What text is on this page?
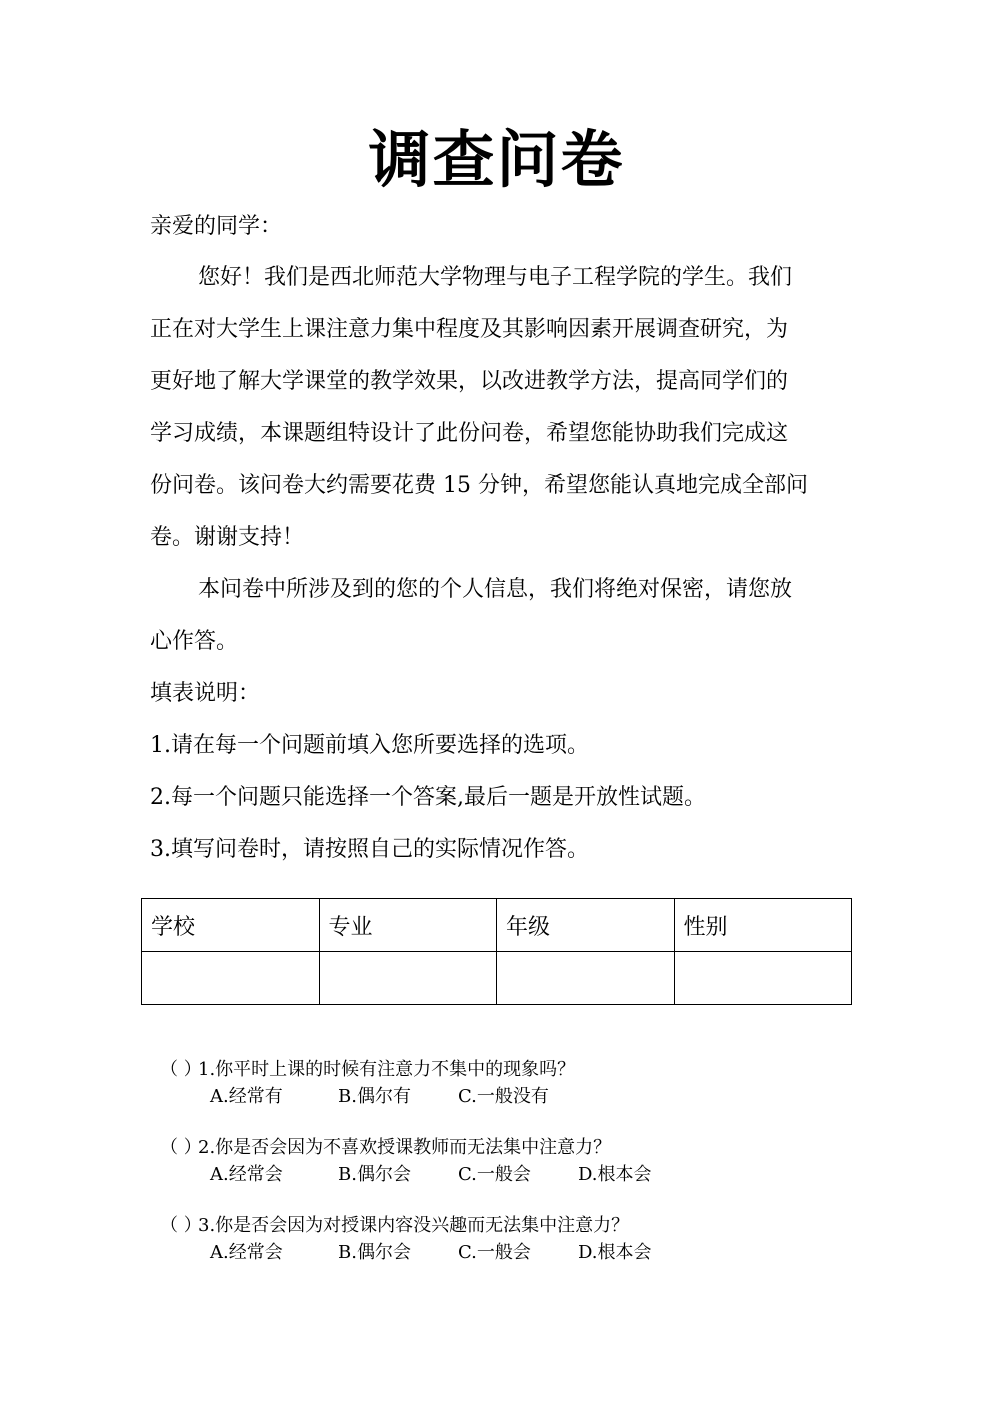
调查问卷
亲爱的同学：
您好！我们是西北师范大学物理与电子工程学院的学生。我们
正在对大学生上课注意力集中程度及其影响因素开展调查研究，为
更好地了解大学课堂的教学效果，以改进教学方法，提高同学们的
学习成绩，本课题组特设计了此份问卷，希望您能协助我们完成这
份问卷。该问卷大约需要花费 15 分钟，希望您能认真地完成全部问
卷。谢谢支持！
本问卷中所涉及到的您的个人信息，我们将绝对保密，请您放
心作答。
填表说明：
1.请在每一个问题前填入您所要选择的选项。
2.每一个问题只能选择一个答案,最后一题是开放性试题。
3.填写问卷时，请按照自己的实际情况作答。
学校	专业	年级	性别

（ ）1.你平时上课的时候有注意力不集中的现象吗？
A.经常有	B.偶尔有	C.一般没有
（ ）2.你是否会因为不喜欢授课教师而无法集中注意力？
A.经常会	B.偶尔会	C.一般会	D.根本会
（ ）3.你是否会因为对授课内容没兴趣而无法集中注意力？
A.经常会	B.偶尔会	C.一般会	D.根本会
